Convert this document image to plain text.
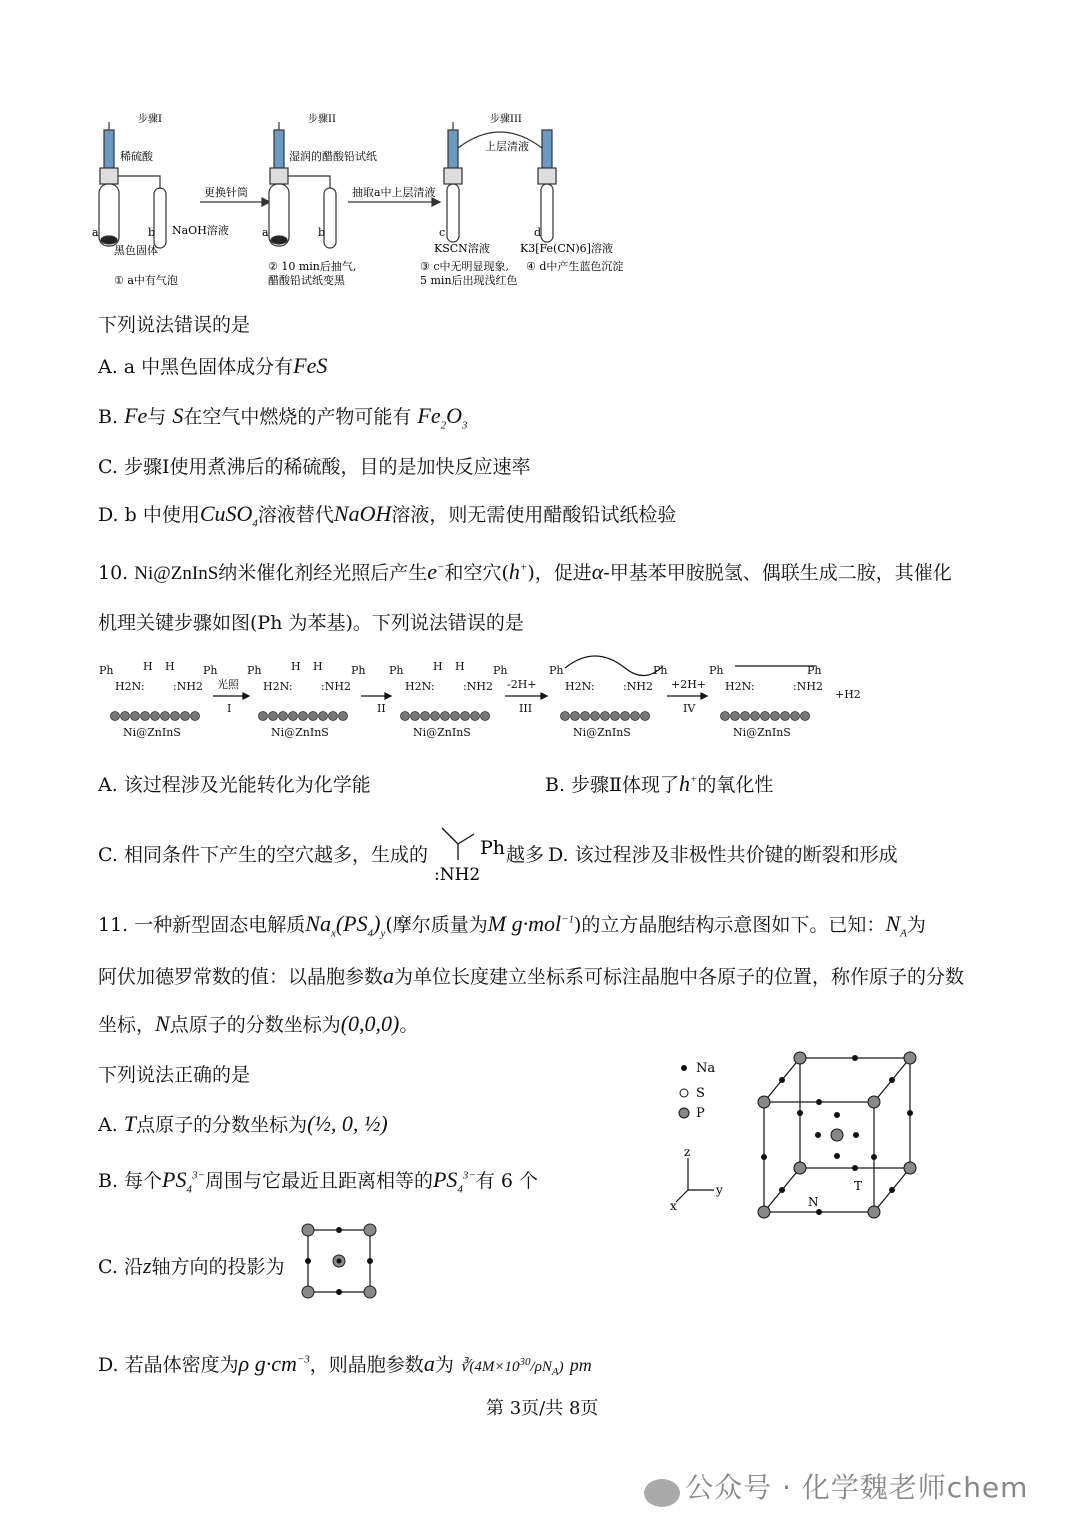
步骤I	步骤II	步骤III
稀硫酸	湿润的醋酸铅试纸
上层清液
更换针筒	抽取a中上层清液
a	b	a	b	c	d
黑色固体
NaOH溶液
KSCN溶液	K3[Fe(CN)6]溶液
① a中有气泡
② 10 min后抽气,
醋酸铅试纸变黑
③ c中无明显现象,
5 min后出现浅红色
④ d中产生蓝色沉淀
下列说法错误的是
A. a 中黑色固体成分有FeS
B. Fe与 S在空气中燃烧的产物可能有 $Fe_2O_3$
C. 步骤Ⅰ使用煮沸后的稀硫酸，目的是加快反应速率
D. b 中使用CuSO$_4$溶液替代NaOH溶液，则无需使用醋酸铅试纸检验
10. Ni@ZnInS纳米催化剂经光照后产生e−和空穴(h+)，促进α-甲基苯甲胺脱氢、偶联生成二胺，其催化
机理关键步骤如图(Ph 为苯基)。下列说法错误的是
Ph	H
H2N:
H	Ph
:NH2
Ni@ZnInS
Ph	H
H2N:
H	Ph
:NH2
Ni@ZnInS
Ph	H
H2N:
H	Ph
:NH2
Ni@ZnInS
Ph
H2N:
Ph
:NH2
Ni@ZnInS
Ph
H2N:
Ph
:NH2
+H2
Ni@ZnInS
光照
I	II
-2H+
III
+2H+
IV
A. 该过程涉及光能转化为化学能	B. 步骤Ⅱ体现了h+的氧化性
C. 相同条件下产生的空穴越多，生成的	Ph
:NH2
越多 D. 该过程涉及非极性共价键的断裂和形成
11. 一种新型固态电解质$Na_x(PS_4)_y$(摩尔质量为M g·mol$^{-1}$)的立方晶胞结构示意图如下。已知：$N_A$为
阿伏加德罗常数的值：以晶胞参数a为单位长度建立坐标系可标注晶胞中各原子的位置，称作原子的分数
坐标，N点原子的分数坐标为(0,0,0)。
下列说法正确的是
A. T点原子的分数坐标为(½, 0, ½)
B. 每个$PS_4^{3-}$周围与它最近且距离相等的$PS_4^{3-}$有 6 个
C. 沿z轴方向的投影为
D. 若晶体密度为ρ $g\cdot cm^{-3}$，则晶胞参数a为 $∛(4M\times 10^{30}/\rho N_A)$ pm
Na
S
P
N
T
z
y
x
第 3页/共 8页
公众号 · 化学魏老师chem
